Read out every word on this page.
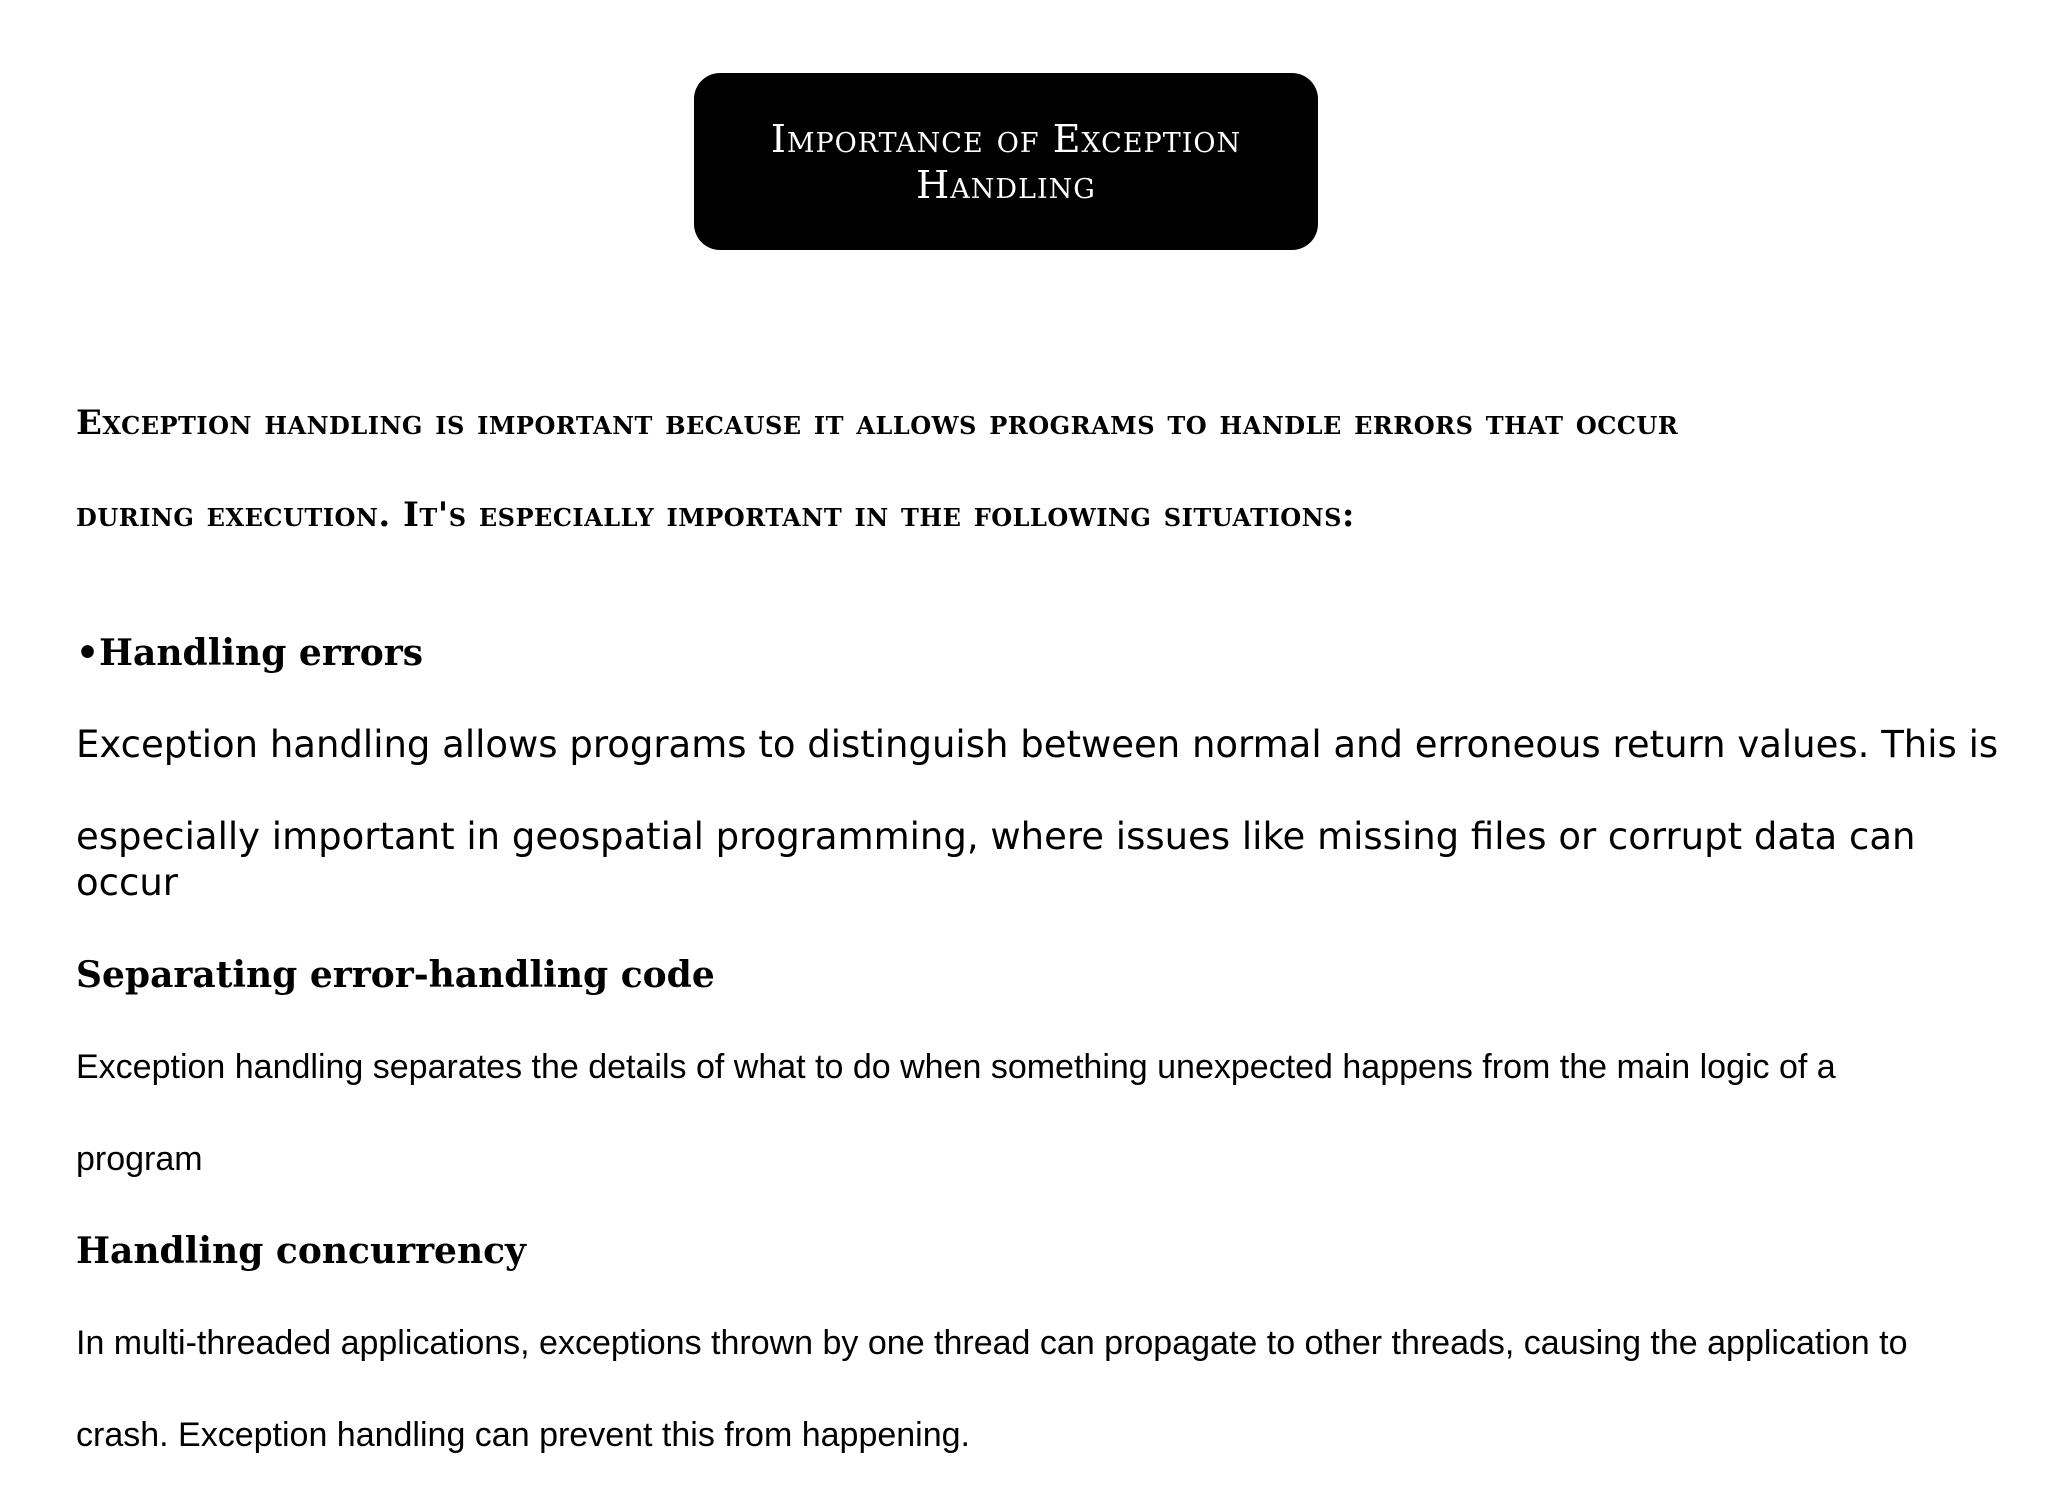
Importance of Exception
Handling

Exception handling is important because it allows programs to handle errors that occur

during execution. It's especially important in the following situations:

•Handling errors

Exception handling allows programs to distinguish between normal and erroneous return values. This is

especially important in geospatial programming, where issues like missing files or corrupt data can occur

Separating error-handling code

Exception handling separates the details of what to do when something unexpected happens from the main logic of a

program

Handling concurrency

In multi-threaded applications, exceptions thrown by one thread can propagate to other threads, causing the application to

crash. Exception handling can prevent this from happening.
